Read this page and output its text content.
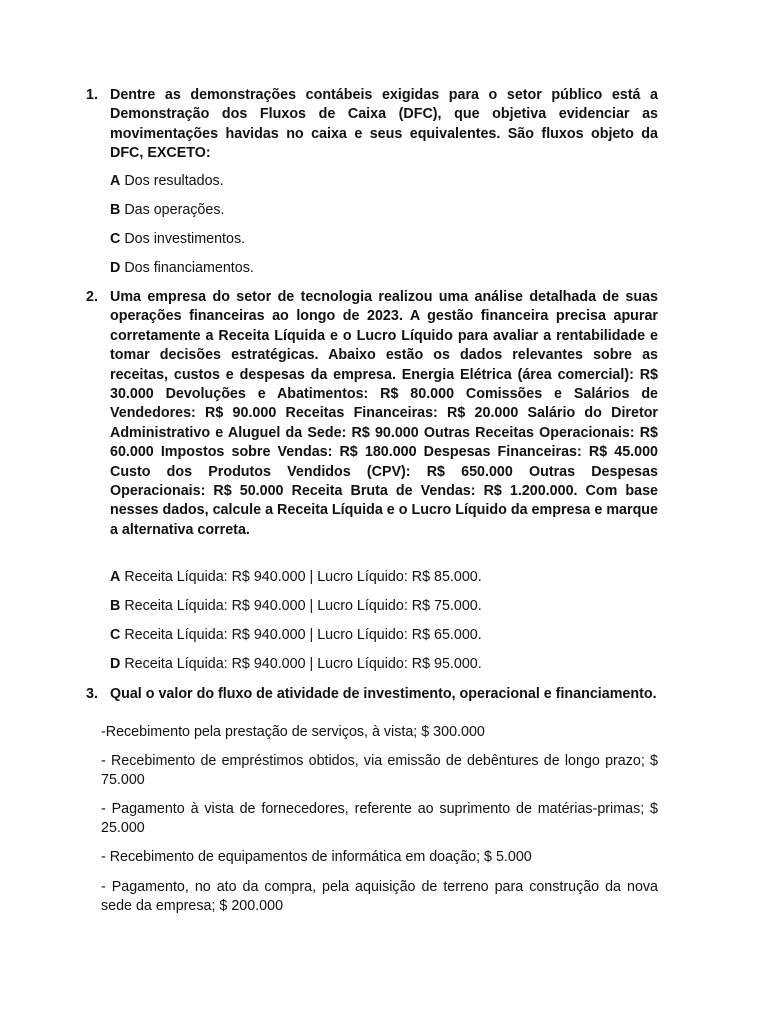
1. Dentre as demonstrações contábeis exigidas para o setor público está a Demonstração dos Fluxos de Caixa (DFC), que objetiva evidenciar as movimentações havidas no caixa e seus equivalentes. São fluxos objeto da DFC, EXCETO:

A Dos resultados.
B Das operações.
C Dos investimentos.
D Dos financiamentos.
2. Uma empresa do setor de tecnologia realizou uma análise detalhada de suas operações financeiras ao longo de 2023. A gestão financeira precisa apurar corretamente a Receita Líquida e o Lucro Líquido para avaliar a rentabilidade e tomar decisões estratégicas. Abaixo estão os dados relevantes sobre as receitas, custos e despesas da empresa. Energia Elétrica (área comercial): R$ 30.000 Devoluções e Abatimentos: R$ 80.000 Comissões e Salários de Vendedores: R$ 90.000 Receitas Financeiras: R$ 20.000 Salário do Diretor Administrativo e Aluguel da Sede: R$ 90.000 Outras Receitas Operacionais: R$ 60.000 Impostos sobre Vendas: R$ 180.000 Despesas Financeiras: R$ 45.000 Custo dos Produtos Vendidos (CPV): R$ 650.000 Outras Despesas Operacionais: R$ 50.000 Receita Bruta de Vendas: R$ 1.200.000. Com base nesses dados, calcule a Receita Líquida e o Lucro Líquido da empresa e marque a alternativa correta.

A Receita Líquida: R$ 940.000 | Lucro Líquido: R$ 85.000.
B Receita Líquida: R$ 940.000 | Lucro Líquido: R$ 75.000.
C Receita Líquida: R$ 940.000 | Lucro Líquido: R$ 65.000.
D Receita Líquida: R$ 940.000 | Lucro Líquido: R$ 95.000.
3. Qual o valor do fluxo de atividade de investimento, operacional e financiamento.

-Recebimento pela prestação de serviços, à vista; $ 300.000

- Recebimento de empréstimos obtidos, via emissão de debêntures de longo prazo; $ 75.000

- Pagamento à vista de fornecedores, referente ao suprimento de matérias-primas; $ 25.000

- Recebimento de equipamentos de informática em doação; $ 5.000

- Pagamento, no ato da compra, pela aquisição de terreno para construção da nova sede da empresa; $ 200.000
